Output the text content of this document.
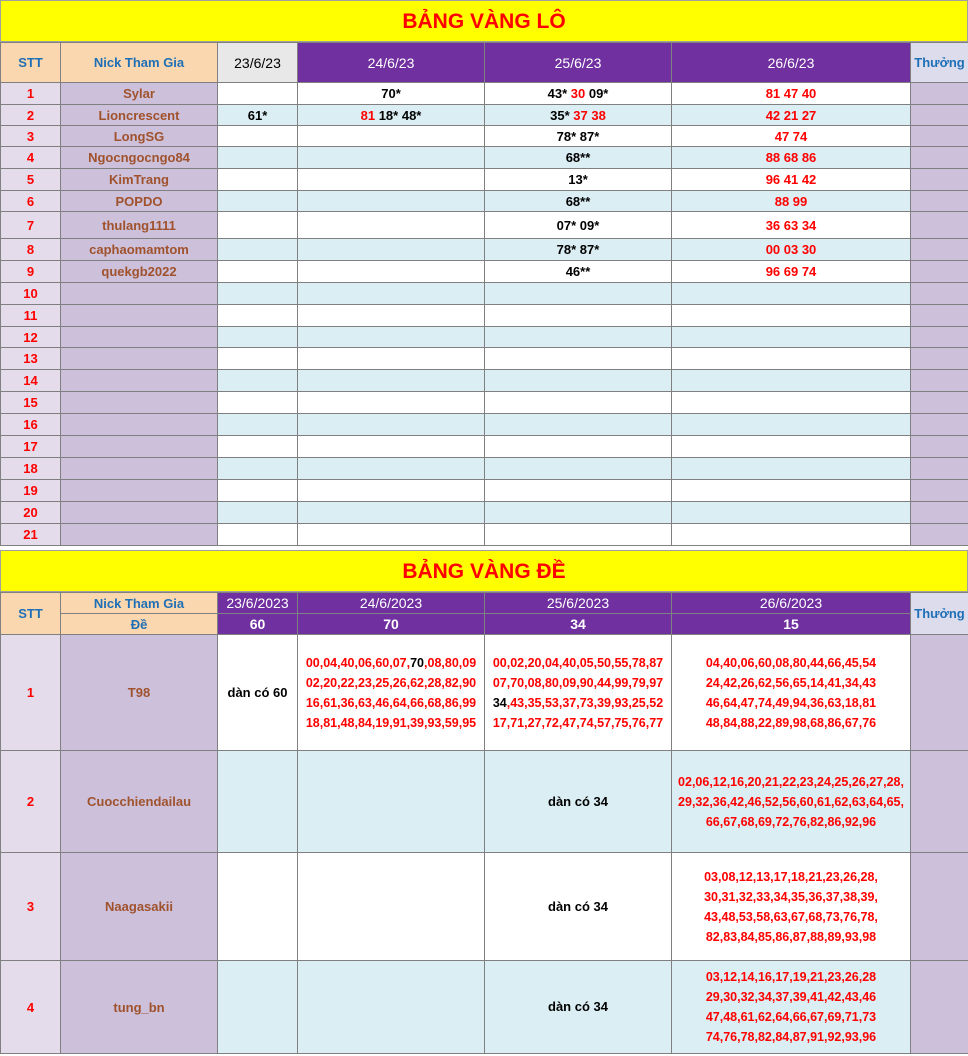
BẢNG VÀNG LÔ
STT	Nick Tham Gia	23/6/23	24/6/23	25/6/23	26/6/23	Thưởng
1	Sylar		70*	43* 30 09*	81 47 40	
2	Lioncrescent	61*	81 18* 48*	35* 37 38	42 21 27	
3	LongSG			78* 87*	47 74	
4	Ngocngocngo84			68**	88 68 86	
5	KimTrang			13*	96 41 42	
6	POPDO			68**	88 99	
7	thulang1111			07* 09*	36 63 34	
8	caphaomamtom			78* 87*	00 03 30	
9	quekgb2022			46**	96 69 74	
10						
11						
12						
13						
14						
15						
16						
17						
18						
19						
20						
21						
BẢNG VÀNG ĐỀ
STT	Nick Tham Gia	23/6/2023	24/6/2023	25/6/2023	26/6/2023	Thưởng
	Đề	60	70	34	15	
1	T98	dàn có 60	00,04,40,06,60,07,70,08,80,09
02,20,22,23,25,26,62,28,82,90
16,61,36,63,46,64,66,68,86,99
18,81,48,84,19,91,39,93,59,95	00,02,20,04,40,05,50,55,78,87
07,70,08,80,09,90,44,99,79,97
34,43,35,53,37,73,39,93,25,52
17,71,27,72,47,74,57,75,76,77	04,40,06,60,08,80,44,66,45,54
24,42,26,62,56,65,14,41,34,43
46,64,47,74,49,94,36,63,18,81
48,84,88,22,89,98,68,86,67,76	

2	Cuocchiendailau			dàn có 34	02,06,12,16,20,21,22,23,24,25,26,27,28,
29,32,36,42,46,52,56,60,61,62,63,64,65,
66,67,68,69,72,76,82,86,92,96	

3	Naagasakii			dàn có 34	03,08,12,13,17,18,21,23,26,28,
30,31,32,33,34,35,36,37,38,39,
43,48,53,58,63,67,68,73,76,78,
82,83,84,85,86,87,88,89,93,98	

4	tung_bn			dàn có 34	03,12,14,16,17,19,21,23,26,28
29,30,32,34,37,39,41,42,43,46
47,48,61,62,64,66,67,69,71,73
74,76,78,82,84,87,91,92,93,96	
